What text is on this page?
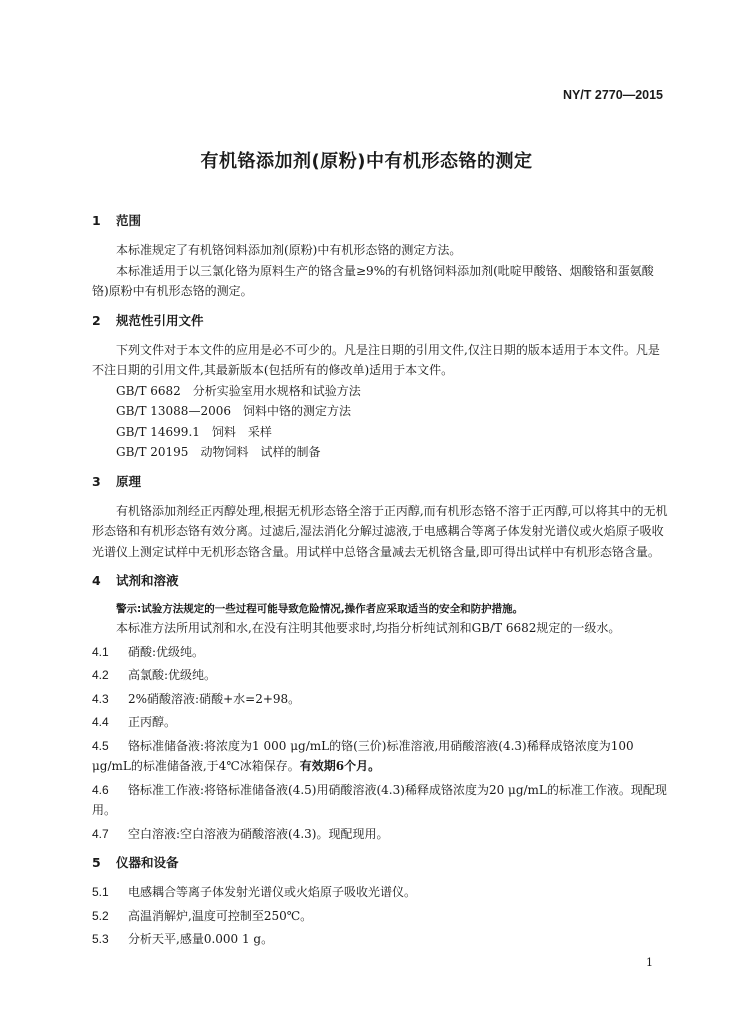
NY/T 2770—2015
有机铬添加剂(原粉)中有机形态铬的测定
1 范围

本标准规定了有机铬饲料添加剂(原粉)中有机形态铬的测定方法。

本标准适用于以三氯化铬为原料生产的铬含量≥9%的有机铬饲料添加剂(吡啶甲酸铬、烟酸铬和蛋氨酸铬)原粉中有机形态铬的测定。

2 规范性引用文件

下列文件对于本文件的应用是必不可少的。凡是注日期的引用文件,仅注日期的版本适用于本文件。凡是不注日期的引用文件,其最新版本(包括所有的修改单)适用于本文件。

GB/T 6682　分析实验室用水规格和试验方法

GB/T 13088—2006　饲料中铬的测定方法

GB/T 14699.1　饲料　采样

GB/T 20195　动物饲料　试样的制备

3 原理

有机铬添加剂经正丙醇处理,根据无机形态铬全溶于正丙醇,而有机形态铬不溶于正丙醇,可以将其中的无机形态铬和有机形态铬有效分离。过滤后,湿法消化分解过滤液,于电感耦合等离子体发射光谱仪或火焰原子吸收光谱仪上测定试样中无机形态铬含量。用试样中总铬含量减去无机铬含量,即可得出试样中有机形态铬含量。

4 试剂和溶液
警示:试验方法规定的一些过程可能导致危险情况,操作者应采取适当的安全和防护措施。

本标准方法所用试剂和水,在没有注明其他要求时,均指分析纯试剂和GB/T 6682规定的一级水。

4.1 硝酸:优级纯。
4.2 高氯酸:优级纯。
4.3 2%硝酸溶液:硝酸+水=2+98。
4.4 正丙醇。
4.5 铬标准储备液:将浓度为1 000 μg/mL的铬(三价)标准溶液,用硝酸溶液(4.3)稀释成铬浓度为100 μg/mL的标准储备液,于4℃冰箱保存。有效期6个月。
4.6 铬标准工作液:将铬标准储备液(4.5)用硝酸溶液(4.3)稀释成铬浓度为20 μg/mL的标准工作液。现配现用。
4.7 空白溶液:空白溶液为硝酸溶液(4.3)。现配现用。
5 仪器和设备
5.1 电感耦合等离子体发射光谱仪或火焰原子吸收光谱仪。
5.2 高温消解炉,温度可控制至250℃。
5.3 分析天平,感量0.000 1 g。
1
